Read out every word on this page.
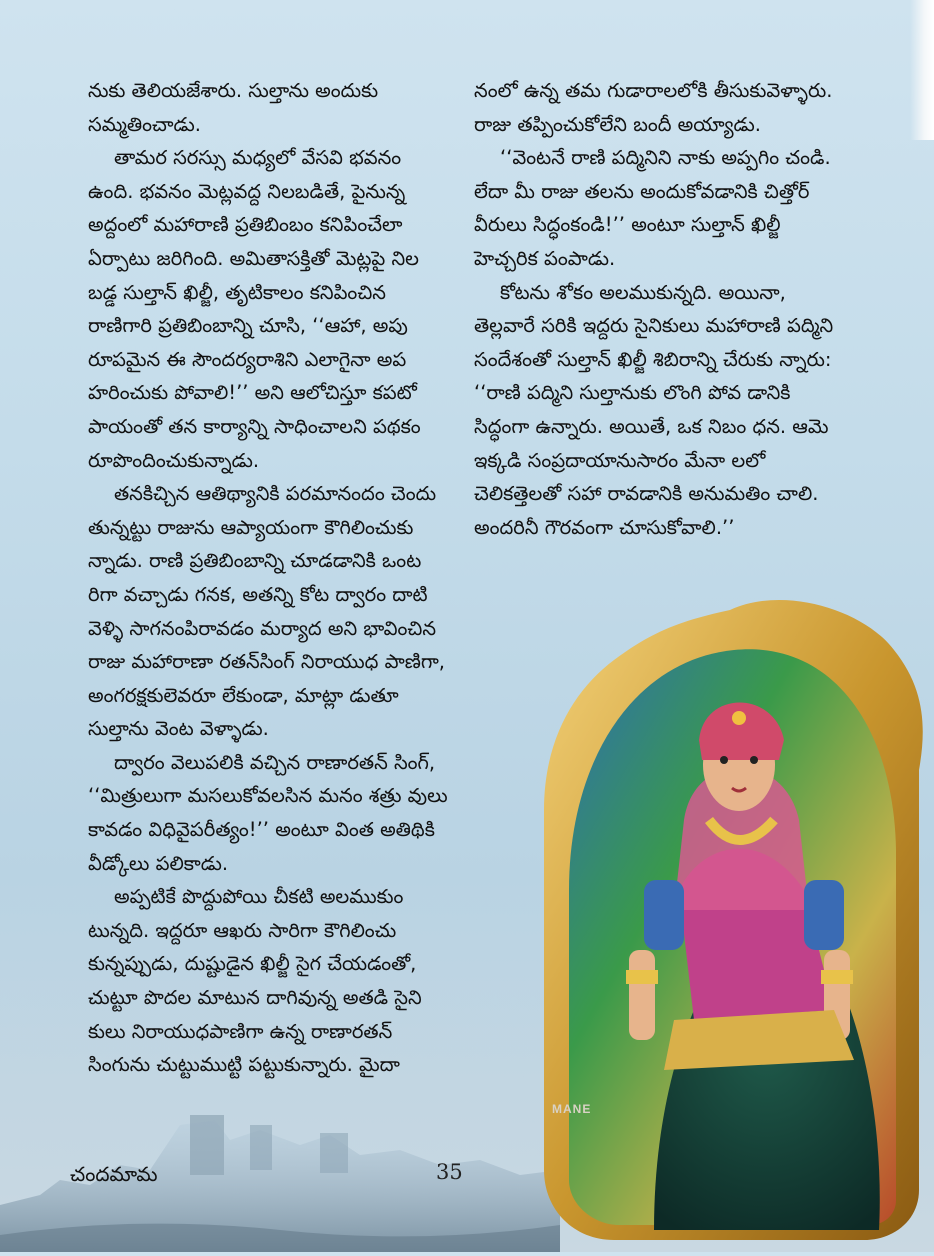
నుకు తెలియజేశారు. సుల్తాను అందుకు సమ్మతించాడు.

తామర సరస్సు మధ్యలో వేసవి భవనం ఉంది. భవనం మెట్లవద్ద నిలబడితే, పైనున్న అద్దంలో మహారాణి ప్రతిబింబం కనిపించేలా ఏర్పాటు జరిగింది. అమితాసక్తితో మెట్లపై నిల బడ్డ సుల్తాన్ ఖిల్జీ, తృటికాలం కనిపించిన రాణిగారి ప్రతిబింబాన్ని చూసి, ‘‘ఆహా, అపు రూపమైన ఈ సౌందర్యరాశిని ఎలాగైనా అప హరించుకు పోవాలి!’’ అని ఆలోచిస్తూ కపటో పాయంతో తన కార్యాన్ని సాధించాలని పథకం రూపొందించుకున్నాడు.

తనకిచ్చిన ఆతిథ్యానికి పరమానందం చెందు తున్నట్టు రాజును ఆప్యాయంగా కౌగిలించుకు న్నాడు. రాణి ప్రతిబింబాన్ని చూడడానికి ఒంట రిగా వచ్చాడు గనక, అతన్ని కోట ద్వారం దాటి వెళ్ళి సాగనంపిరావడం మర్యాద అని భావించిన రాజు మహారాణా రతన్‌సింగ్ నిరాయుధ పాణిగా, అంగరక్షకులెవరూ లేకుండా, మాట్లా డుతూ సుల్తాను వెంట వెళ్ళాడు.

ద్వారం వెలుపలికి వచ్చిన రాణారతన్ సింగ్, ‘‘మిత్రులుగా మసలుకోవలసిన మనం శత్రు వులు కావడం విధివైపరీత్యం!’’ అంటూ వింత అతిథికి వీడ్కోలు పలికాడు.

అప్పటికే పొద్దుపోయి చీకటి అలముకుం టున్నది. ఇద్దరూ ఆఖరు సారిగా కౌగిలించు కున్నప్పుడు, దుష్టుడైన ఖిల్జీ సైగ చేయడంతో, చుట్టూ పొదల మాటున దాగివున్న అతడి సైని కులు నిరాయుధపాణిగా ఉన్న రాణారతన్ సింగును చుట్టుముట్టి పట్టుకున్నారు. మైదా

నంలో ఉన్న తమ గుడారాలలోకి తీసుకువెళ్ళారు. రాజు తప్పించుకోలేని బందీ అయ్యాడు.

‘‘వెంటనే రాణి పద్మినిని నాకు అప్పగిం చండి. లేదా మీ రాజు తలను అందుకోవడానికి చిత్తోర్ వీరులు సిద్ధంకండి!’’ అంటూ సుల్తాన్ ఖిల్జీ హెచ్చరిక పంపాడు.

కోటను శోకం అలముకున్నది. అయినా, తెల్లవారే సరికి ఇద్దరు సైనికులు మహారాణి పద్మిని సందేశంతో సుల్తాన్ ఖిల్జీ శిబిరాన్ని చేరుకు న్నారు: ‘‘రాణి పద్మిని సుల్తానుకు లొంగి పోవ డానికి సిద్ధంగా ఉన్నారు. అయితే, ఒక నిబం ధన. ఆమె ఇక్కడి సంప్రదాయానుసారం మేనా లలో చెలికత్తెలతో సహా రావడానికి అనుమతిం చాలి. అందరినీ గౌరవంగా చూసుకోవాలి.’’

MANE
చందమామ	35
